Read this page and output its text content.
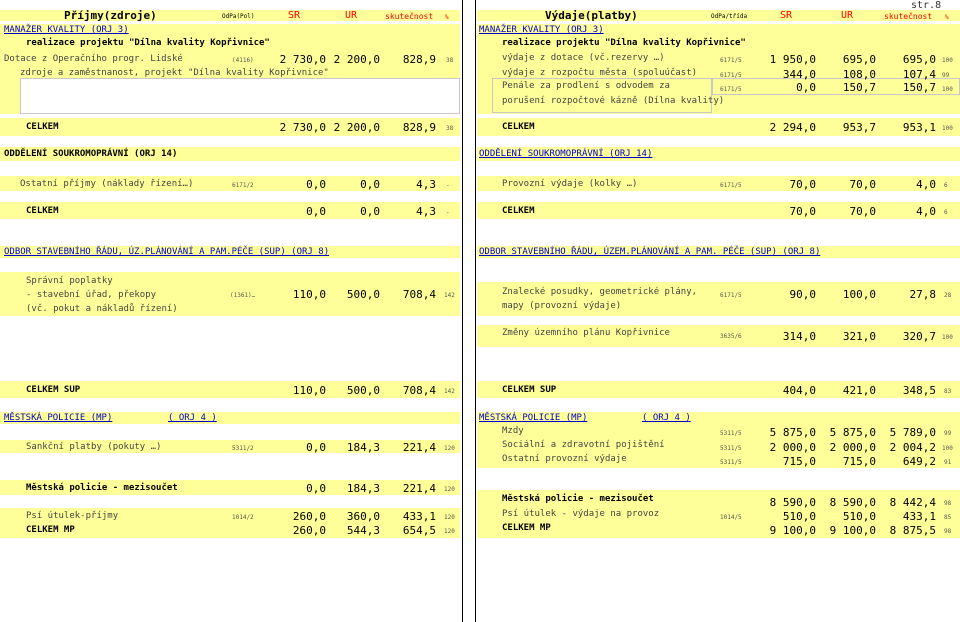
str.8
Příjmy(zdroje)	OdPa(Pol)	SR	UR	skutečnost %
MANAŽER KVALITY (ORJ 3)
realizace projektu "Dílna kvality Kopřivnice"
Dotace z Operačního progr. Lidské	(4116)	2 730,0 2 200,0	828,9 38
zdroje a zaměstnanost, projekt "Dílna kvality Kopřivnice"
CELKEM	2 730,0 2 200,0	828,9 38
ODDĚLENÍ SOUKROMOPRÁVNÍ (ORJ 14)
Ostatní příjmy (náklady řízení…)	6171/2	0,0	0,0	4,3 -
CELKEM	0,0	0,0	4,3 -
ODBOR STAVEBNÍHO ŘÁDU, ÚZ.PLÁNOVÁNÍ A PAM.PÉČE (SUP) (ORJ 8)
Správní poplatky
- stavební úřad, překopy
(vč. pokut a nákladů řízení)
(1361)…	110,0	500,0	708,4 142
CELKEM SUP	110,0	500,0	708,4 142
MĚSTSKÁ POLICIE (MP)	( ORJ 4 )
Sankční platby (pokuty …)	5311/2	0,0	184,3	221,4 120
Městská policie - mezisoučet	0,0	184,3	221,4 120
Psí útulek-příjmy	1014/2	260,0	360,0	433,1 120
CELKEM MP	260,0	544,3	654,5 120
Výdaje(platby)	OdPa/třída	SR	UR	skutečnost %
MANAŽER KVALITY (ORJ 3)
realizace projektu "Dílna kvality Kopřivnice"
výdaje z dotace (vč.rezervy …)	6171/5	1 950,0	695,0	695,0 100
výdaje z rozpočtu města (spoluúčast)	6171/5	344,0	108,0	107,4 99
Penále za prodlení s odvodem za	6171/5	0,0	150,7	150,7 100
porušení rozpočtové kázně (Dílna kvality)
CELKEM	2 294,0	953,7	953,1 100
ODDĚLENÍ SOUKROMOPRÁVNÍ (ORJ 14)
Provozní výdaje (kolky …)	6171/5	70,0	70,0	4,0 6
CELKEM	70,0	70,0	4,0 6
ODBOR STAVEBNÍHO ŘÁDU, ÚZEM.PLÁNOVÁNÍ A PAM. PÉČE (SUP) (ORJ 8)
Znalecké posudky, geometrické plány,
mapy (provozní výdaje)
6171/5	90,0	100,0	27,8 28
Změny územního plánu Kopřivnice	3635/6	314,0	321,0	320,7 100
CELKEM SUP	404,0	421,0	348,5 83
MĚSTSKÁ POLICIE (MP)	( ORJ 4 )
Mzdy	5311/5	5 875,0	5 875,0	5 789,0 99
Sociální a zdravotní pojištění	5311/5	2 000,0	2 000,0	2 004,2 100
Ostatní provozní výdaje	5311/5	715,0	715,0	649,2 91
Městská policie - mezisoučet	8 590,0	8 590,0	8 442,4 98
Psí útulek - výdaje na provoz	1014/5	510,0	510,0	433,1 85
CELKEM MP	9 100,0	9 100,0	8 875,5 98
